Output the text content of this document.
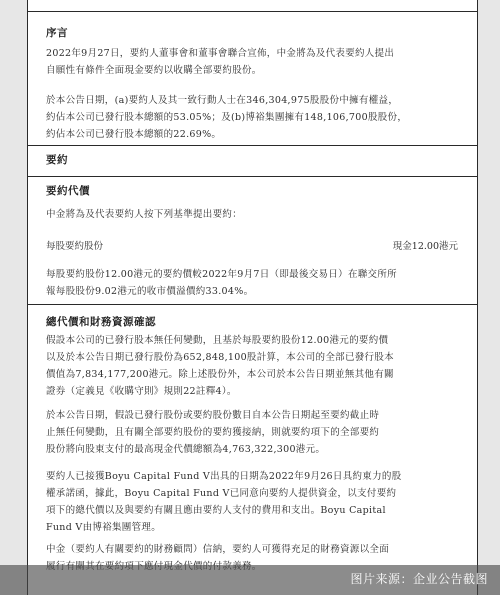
序言
2022年9月27日，要約人董事會和董事會聯合宣佈，中金將為及代表要約人提出
自願性有條件全面現金要約以收購全部要約股份。
於本公告日期，(a)要約人及其一致行動人士在346,304,975股股份中擁有權益，
約佔本公司已發行股本總額的53.05%；及(b)博裕集團擁有148,106,700股股份，
約佔本公司已發行股本總額的22.69%。
要約
要約代價
中金將為及代表要約人按下列基準提出要約：
每股要約股份	現金12.00港元
每股要約股份12.00港元的要約價較2022年9月7日（即最後交易日）在聯交所所
報每股股份9.02港元的收市價溢價約33.04%。
總代價和財務資源確認
假設本公司的已發行股本無任何變動，且基於每股要約股份12.00港元的要約價
以及於本公告日期已發行股份為652,848,100股計算，本公司的全部已發行股本
價值為7,834,177,200港元。除上述股份外，本公司於本公告日期並無其他有關
證券（定義見《收購守則》規則22註釋4）。
於本公告日期，假設已發行股份或要約股份數目自本公告日期起至要約截止時
止無任何變動，且有關全部要約股份的要約獲接納，則就要約項下的全部要約
股份將向股東支付的最高現金代價總額為4,763,322,300港元。
要約人已接獲Boyu Capital Fund V出具的日期為2022年9月26日具約東力的股
權承諾函，據此，Boyu Capital Fund V已同意向要約人提供資金，以支付要約
項下的總代價以及與要約有關且應由要約人支付的費用和支出。Boyu Capital
Fund V由博裕集團管理。
中金（要約人有關要約的財務顧問）信納，要約人可獲得充足的財務資源以全面
图片来源：企业公告截图
